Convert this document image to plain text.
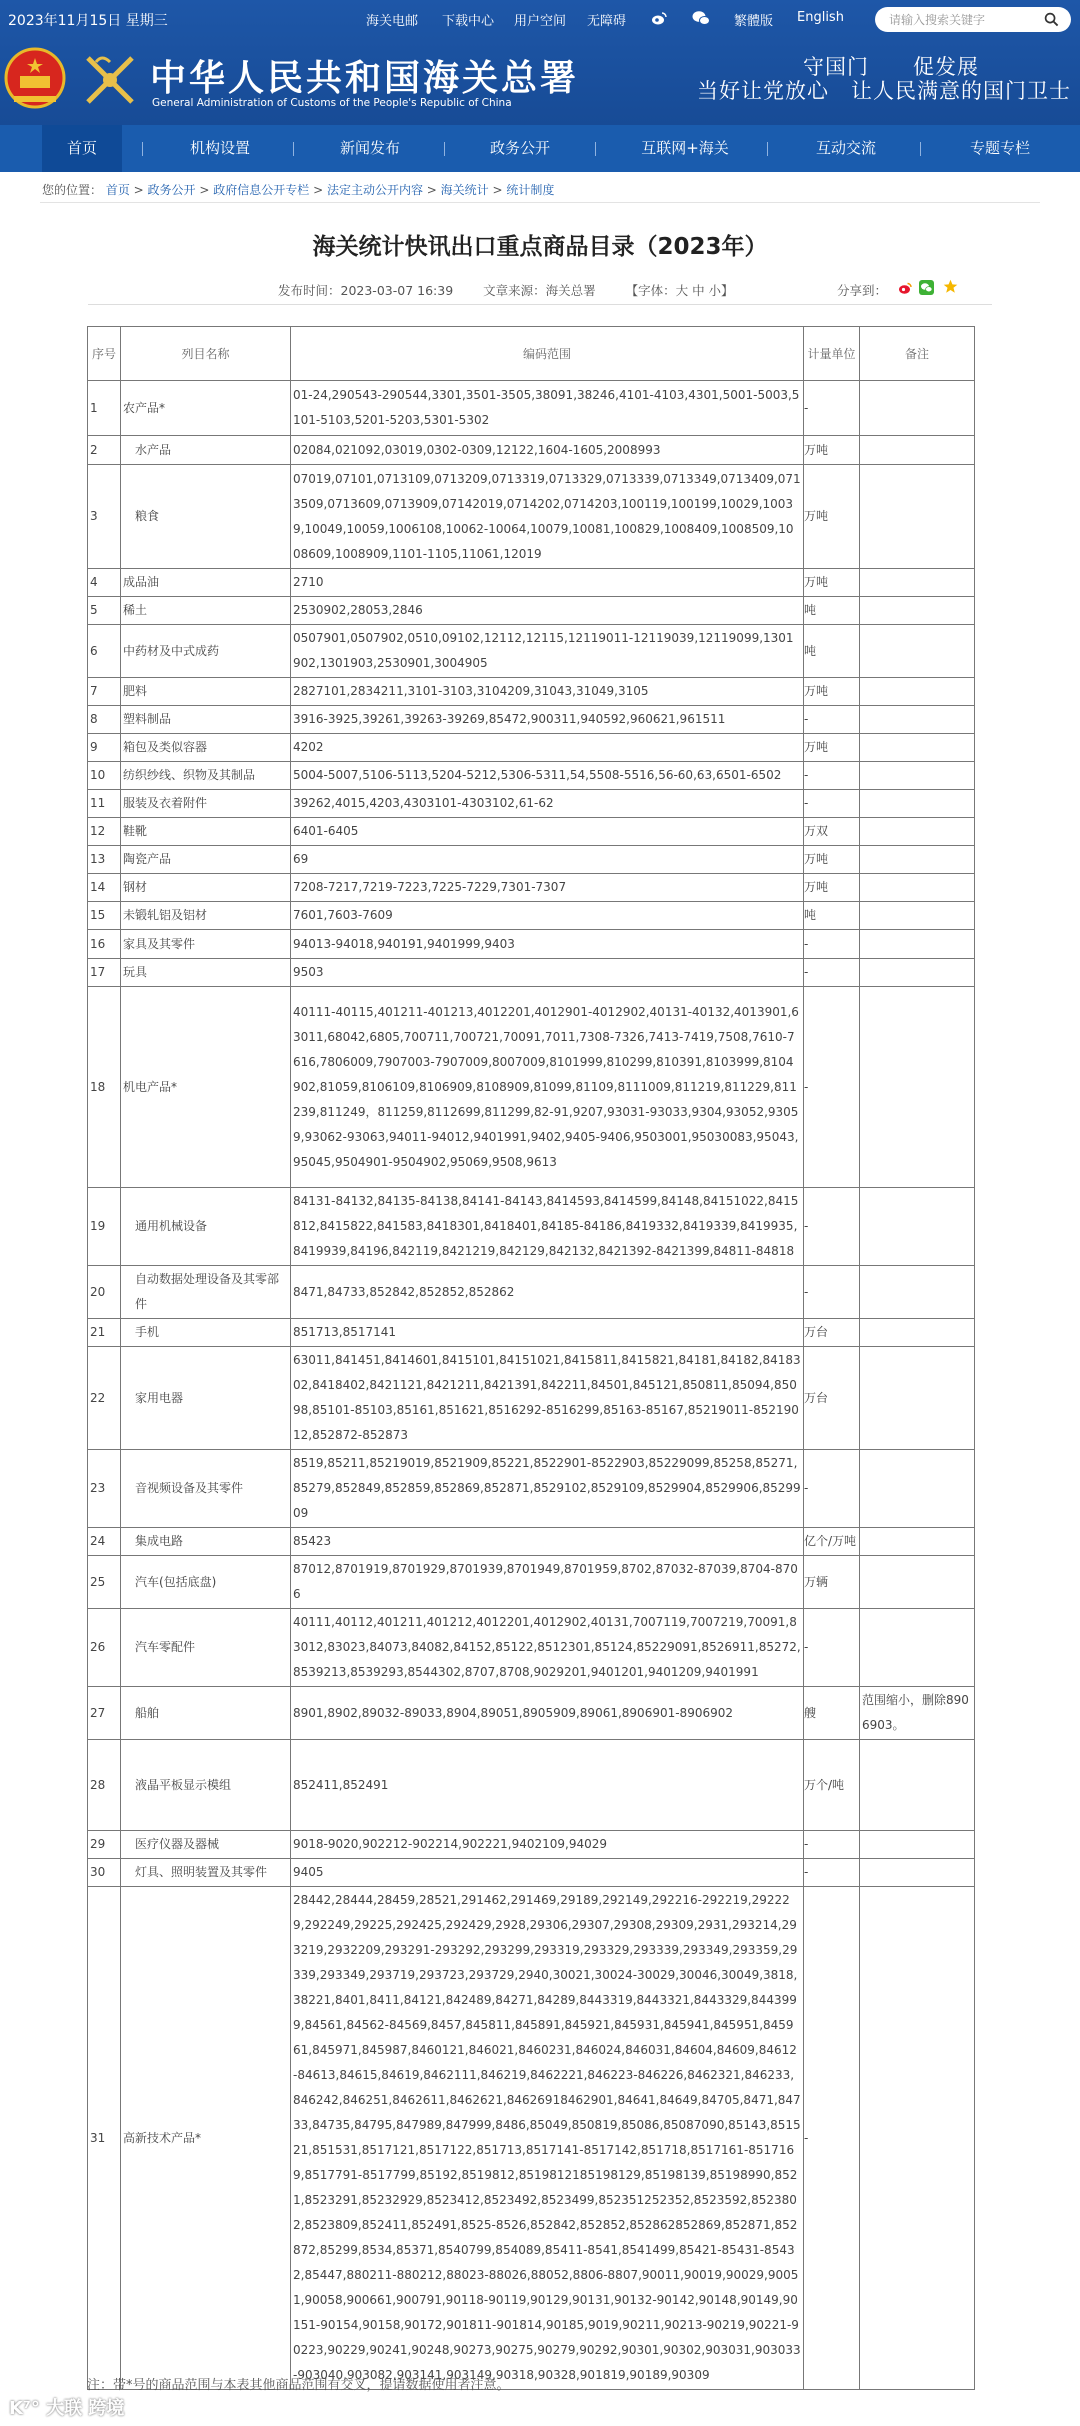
2023年11月15日 星期三	海关电邮 下载中心 用户空间 无障碍	繁體版 English
请输入搜索关键字
中华人民共和国海关总署
General Administration of Customs of the People's Republic of China
守国门　　促发展
当好让党放心　让人民满意的国门卫士
首页	机构设置	新闻发布	政务公开	互联网+海关	互动交流	专题专栏
您的位置： 首页 > 政务公开 > 政府信息公开专栏 > 法定主动公开内容 > 海关统计 > 统计制度
海关统计快讯出口重点商品目录（2023年）
发布时间：2023-03-07 16:39 文章来源：海关总署 【字体：大 中 小】	分享到：
序号	列目名称	编码范围	计量单位	备注
1	农产品*	01-24,290543-290544,3301,3501-3505,38091,38246,4101-4103,4301,5001-5003,5101-5103,5201-5203,5301-5302	-	
2	水产品	02084,021092,03019,0302-0309,12122,1604-1605,2008993	万吨	
3	粮食	07019,07101,0713109,0713209,0713319,0713329,0713339,0713349,0713409,0713509,0713609,0713909,07142019,0714202,0714203,100119,100199,10029,10039,10049,10059,1006108,10062-10064,10079,10081,100829,1008409,1008509,1008609,1008909,1101-1105,11061,12019	万吨	
4	成品油	2710	万吨	
5	稀土	2530902,28053,2846	吨	
6	中药材及中式成药	0507901,0507902,0510,09102,12112,12115,12119011-12119039,12119099,1301902,1301903,2530901,3004905	吨	
7	肥料	2827101,2834211,3101-3103,3104209,31043,31049,3105	万吨	
8	塑料制品	3916-3925,39261,39263-39269,85472,900311,940592,960621,961511	-	
9	箱包及类似容器	4202	万吨	
10	纺织纱线、织物及其制品	5004-5007,5106-5113,5204-5212,5306-5311,54,5508-5516,56-60,63,6501-6502	-	
11	服装及衣着附件	39262,4015,4203,4303101-4303102,61-62	-	
12	鞋靴	6401-6405	万双	
13	陶瓷产品	69	万吨	
14	钢材	7208-7217,7219-7223,7225-7229,7301-7307	万吨	
15	未锻轧铝及铝材	7601,7603-7609	吨	
16	家具及其零件	94013-94018,940191,9401999,9403	-	
17	玩具	9503	-	
18	机电产品*	40111-40115,401211-401213,4012201,4012901-4012902,40131-40132,4013901,63011,68042,6805,700711,700721,70091,7011,7308-7326,7413-7419,7508,7610-7616,7806009,7907003-7907009,8007009,8101999,810299,810391,8103999,8104902,81059,8106109,8106909,8108909,81099,81109,8111009,811219,811229,811239,811249，811259,8112699,811299,82-91,9207,93031-93033,9304,93052,93059,93062-93063,94011-94012,9401991,9402,9405-9406,9503001,95030083,95043,95045,9504901-9504902,95069,9508,9613	-	
19	通用机械设备	84131-84132,84135-84138,84141-84143,8414593,8414599,84148,84151022,8415812,8415822,841583,8418301,8418401,84185-84186,8419332,8419339,8419935,8419939,84196,842119,8421219,842129,842132,8421392-8421399,84811-84818	-	
20	自动数据处理设备及其零部件	8471,84733,852842,852852,852862	-	
21	手机	851713,8517141	万台	
22	家用电器	63011,841451,8414601,8415101,84151021,8415811,8415821,84181,84182,8418302,8418402,8421121,8421211,8421391,842211,84501,845121,850811,85094,85098,85101-85103,85161,851621,8516292-8516299,85163-85167,85219011-85219012,852872-852873	万台	
23	音视频设备及其零件	8519,85211,85219019,8521909,85221,8522901-8522903,85229099,85258,85271,85279,852849,852859,852869,852871,8529102,8529109,8529904,8529906,8529909	-	
24	集成电路	85423	亿个/万吨	
25	汽车(包括底盘)	87012,8701919,8701929,8701939,8701949,8701959,8702,87032-87039,8704-8706	万辆	
26	汽车零配件	40111,40112,401211,401212,4012201,4012902,40131,7007119,7007219,70091,83012,83023,84073,84082,84152,85122,8512301,85124,85229091,8526911,85272,8539213,8539293,8544302,8707,8708,9029201,9401201,9401209,9401991	-	
27	船舶	8901,8902,89032-89033,8904,89051,8905909,89061,8906901-8906902	艘	范围缩小，删除8906903。
28	液晶平板显示模组	852411,852491	万个/吨	
29	医疗仪器及器械	9018-9020,902212-902214,902221,9402109,94029	-	
30	灯具、照明装置及其零件	9405	-	
31	高新技术产品*	28442,28444,28459,28521,291462,291469,29189,292149,292216-292219,292229,292249,29225,292425,292429,2928,29306,29307,29308,29309,2931,293214,293219,2932209,293291-293292,293299,293319,293329,293339,293349,293359,29339,293349,293719,293723,293729,2940,30021,30024-30029,30046,30049,3818,38221,8401,8411,84121,842489,84271,84289,8443319,8443321,8443329,8443999,84561,84562-84569,8457,845811,845891,845921,845931,845941,845951,845961,845971,845987,8460121,846021,8460231,846024,846031,84604,84609,84612-84613,84615,84619,8462111,846219,8462221,846223-846226,8462321,846233,846242,846251,8462611,8462621,84626918462901,84641,84649,84705,8471,84733,84735,84795,847989,847999,8486,85049,850819,85086,85087090,85143,851521,851531,8517121,8517122,851713,8517141-8517142,851718,8517161-8517169,8517791-8517799,85192,8519812,8519812185198129,85198139,85198990,8521,8523291,85232929,8523412,8523492,8523499,852351252352,8523592,8523802,8523809,852411,852491,8525-8526,852842,852852,852862852869,852871,852872,85299,8534,85371,8540799,854089,85411-8541,8541499,85421-85431-85432,85447,880211-880212,88023-88026,88052,8806-8807,90011,90019,90029,90051,90058,900661,900791,90118-90119,90129,90131,90132-90142,90148,90149,90151-90154,90158,90172,901811-901814,90185,9019,90211,90213-90219,90221-90223,90229,90241,90248,90273,90275,90279,90292,90301,90302,903031,903033-903040,903082,903141,903149,90318,90328,901819,90189,90309	-	
注：带*号的商品范围与本表其他商品范围有交叉，提请数据使用者注意。
K⁷° 大联 跨境
